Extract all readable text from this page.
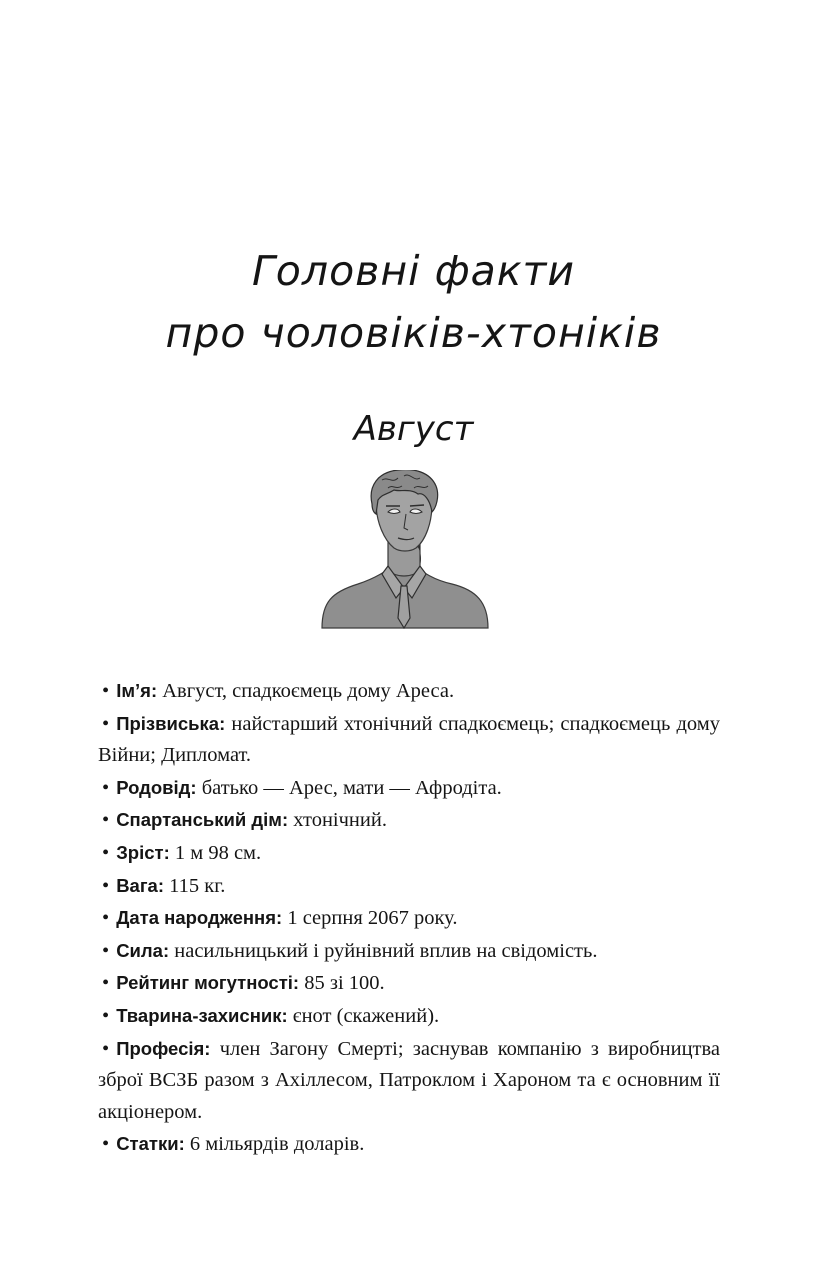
Головні факти
про чоловіків-хтоніків
Август
• Ім’я: Август, спадкоємець дому Ареса.
• Прізвиська: найстарший хтонічний спадкоємець; спадкоємець дому Війни; Дипломат.
• Родовід: батько — Арес, мати — Афродіта.
• Спартанський дім: хтонічний.
• Зріст: 1 м 98 см.
• Вага: 115 кг.
• Дата народження: 1 серпня 2067 року.
• Сила: насильницький і руйнівний вплив на свідомість.
• Рейтинг могутності: 85 зі 100.
• Тварина-захисник: єнот (скажений).
• Професія: член Загону Смерті; заснував компанію з виробництва зброї ВСЗБ разом з Ахіллесом, Патроклом і Хароном та є основним її акціонером.
• Статки: 6 мільярдів доларів.
